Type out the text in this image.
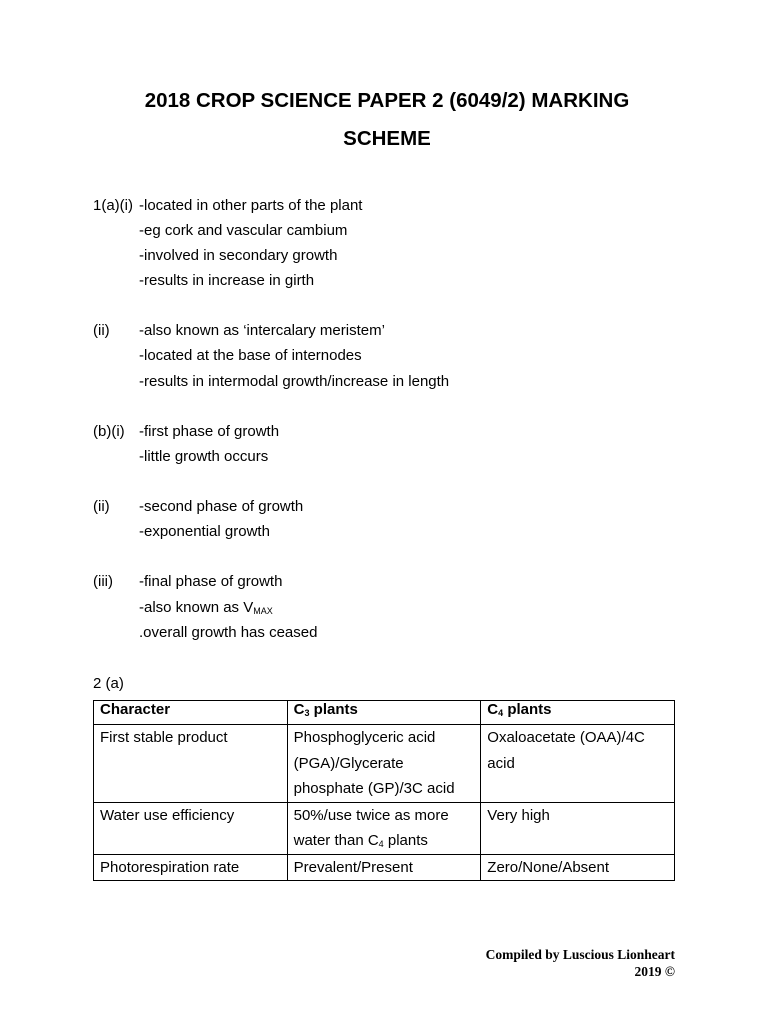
2018 CROP SCIENCE PAPER 2 (6049/2) MARKING
SCHEME
1(a)(i) -located in other parts of the plant
-eg cork and vascular cambium
-involved in secondary growth
-results in increase in girth
(ii) -also known as ‘intercalary meristem’
-located at the base of internodes
-results in intermodal growth/increase in length
(b)(i) -first phase of growth
-little growth occurs
(ii) -second phase of growth
-exponential growth
(iii) -final phase of growth
-also known as $V_{MAX}$
.overall growth has ceased
2 (a)
Character	$C_3$ plants	$C_4$ plants
First stable product	Phosphoglyceric acid (PGA)/Glycerate phosphate (GP)/3C acid	Oxaloacetate (OAA)/4C acid
Water use efficiency	50%/use twice as more water than $C_4$ plants	Very high
Photorespiration rate	Prevalent/Present	Zero/None/Absent
Compiled by Luscious Lionheart
2019 ©
